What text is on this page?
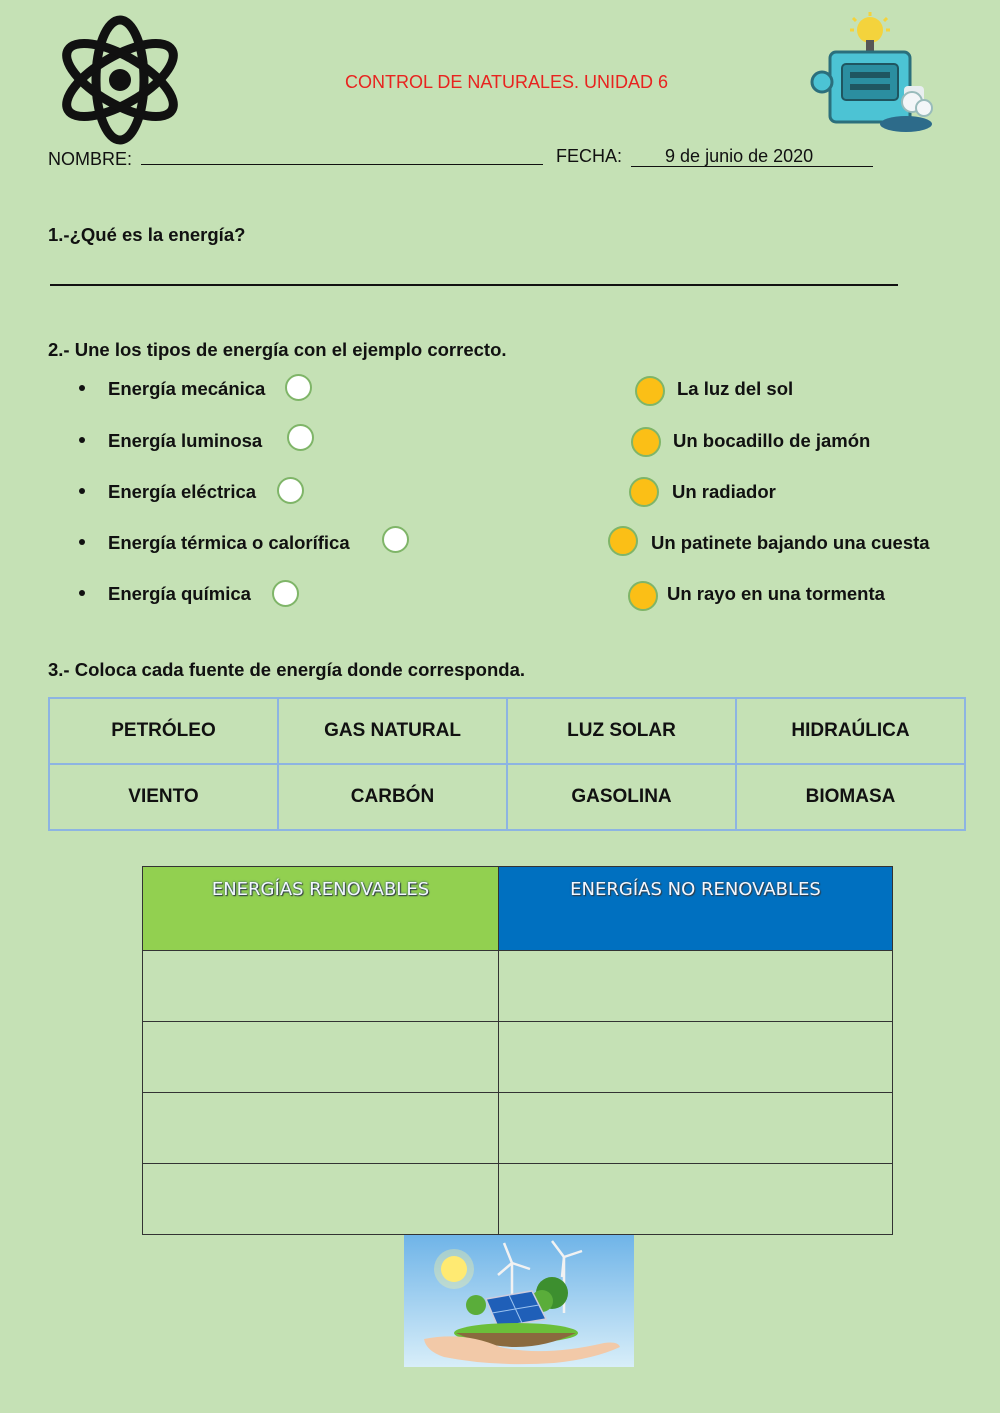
CONTROL DE NATURALES. UNIDAD 6
NOMBRE:	FECHA: 9 de junio de 2020
1.-¿Qué es la energía?
2.- Une los tipos de energía con el ejemplo correcto.
Energía mecánica
Energía luminosa
Energía eléctrica
Energía térmica o calorífica
Energía química
La luz del sol
Un bocadillo de jamón
Un radiador
Un patinete bajando una cuesta
Un rayo en una tormenta
3.- Coloca cada fuente de energía donde corresponda.
PETRÓLEO	GAS NATURAL	LUZ SOLAR	HIDRAÚLICA
VIENTO	CARBÓN	GASOLINA	BIOMASA
ENERGÍAS RENOVABLES	ENERGÍAS NO RENOVABLES
